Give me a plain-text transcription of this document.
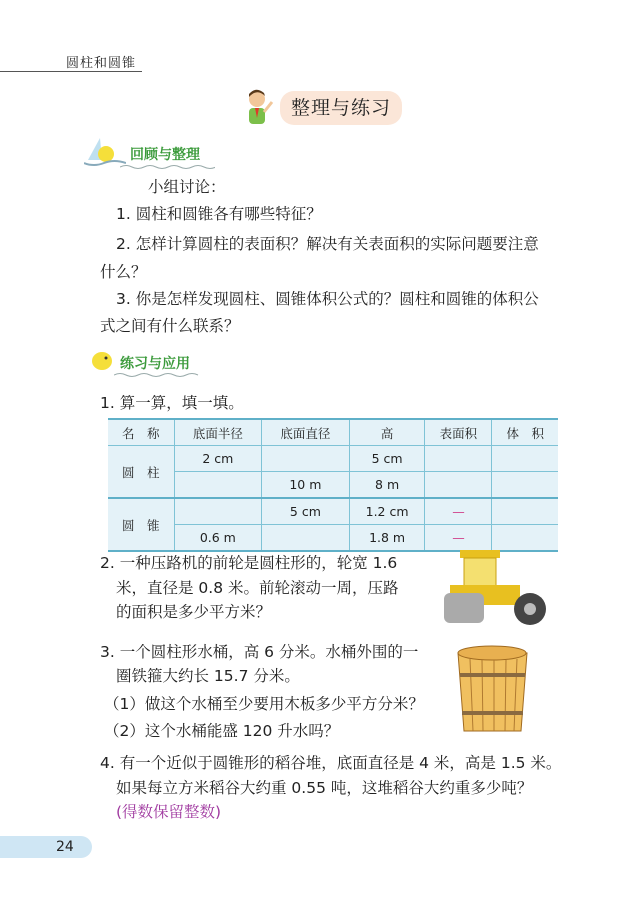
圆柱和圆锥
整理与练习
回顾与整理
小组讨论：
1. 圆柱和圆锥各有哪些特征？
2. 怎样计算圆柱的表面积？解决有关表面积的实际问题要注意
什么？
3. 你是怎样发现圆柱、圆锥体积公式的？圆柱和圆锥的体积公
式之间有什么联系？
练习与应用
1. 算一算，填一填。
名　称	底面半径	底面直径	高	表面积	体　积
圆　柱	2 cm		5 cm		
		10 m	8 m		
圆　锥		5 cm	1.2 cm	—	
	0.6 m		1.8 m	—	
2. 一种压路机的前轮是圆柱形的，轮宽 1.6
米，直径是 0.8 米。前轮滚动一周，压路
的面积是多少平方米？
3. 一个圆柱形水桶，高 6 分米。水桶外围的一
圈铁箍大约长 15.7 分米。
（1）做这个水桶至少要用木板多少平方分米？
（2）这个水桶能盛 120 升水吗？
4. 有一个近似于圆锥形的稻谷堆，底面直径是 4 米，高是 1.5 米。
如果每立方米稻谷大约重 0.55 吨，这堆稻谷大约重多少吨？
(得数保留整数)
24
